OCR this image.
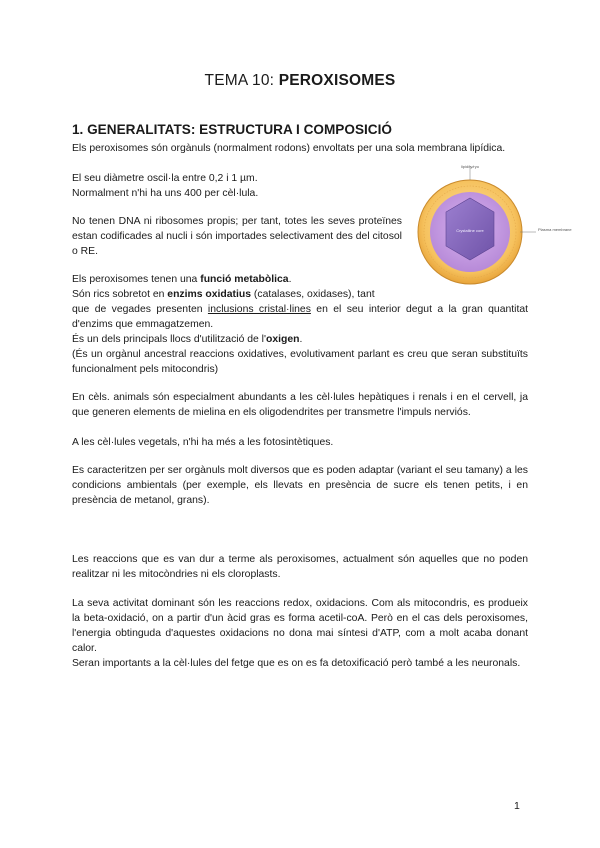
TEMA 10: PEROXISOMES
1. GENERALITATS: ESTRUCTURA I COMPOSICIÓ

Els peroxisomes són orgànuls (normalment rodons) envoltats per una sola membrana lipídica.

El seu diàmetre oscil·la entre 0,2 i 1 µm.

Normalment n'hi ha uns 400 per cèl·lula.

No tenen DNA ni ribosomes propis; per tant, totes les seves proteïnes estan codificades al nucli i són importades selectivament des del citosol o RE.

Els peroxisomes tenen una funció metabòlica.

Són rics sobretot en enzims oxidatius (catalases, oxidases), tant

que de vegades presenten inclusions cristal·lines en el seu interior degut a la gran quantitat d'enzims que emmagatzemen.

És un dels principals llocs d'utilització de l'oxigen.

(És un orgànul ancestral reaccions oxidatives, evolutivament parlant es creu que seran substituïts funcionalment pels mitocondris)

En cèls. animals són especialment abundants a les cèl·lules hepàtiques i renals i en el cervell, ja que generen elements de mielina en els oligodendrites per transmetre l'impuls nerviós.

A les cèl·lules vegetals, n'hi ha més a les fotosintètiques.

Es caracteritzen per ser orgànuls molt diversos que es poden adaptar (variant el seu tamany) a les condicions ambientals (per exemple, els llevats en presència de sucre els tenen petits, i en presència de metanol, grans).

Les reaccions que es van dur a terme als peroxisomes, actualment són aquelles que no poden realitzar ni les mitocòndries ni els cloroplasts.

La seva activitat dominant són les reaccions redox, oxidacions. Com als mitocondris, es produeix la beta-oxidació, on a partir d'un àcid gras es forma acetil-coA. Però en el cas dels peroxisomes, l'energia obtinguda d'aquestes oxidacions no dona mai síntesi d'ATP, com a molt acaba donant calor.

Seran importants a la cèl·lules del fetge que es on es fa detoxificació però també a les neuronals.

lipid/ty/ryo
Crystalline core	Plasma membrane
1
